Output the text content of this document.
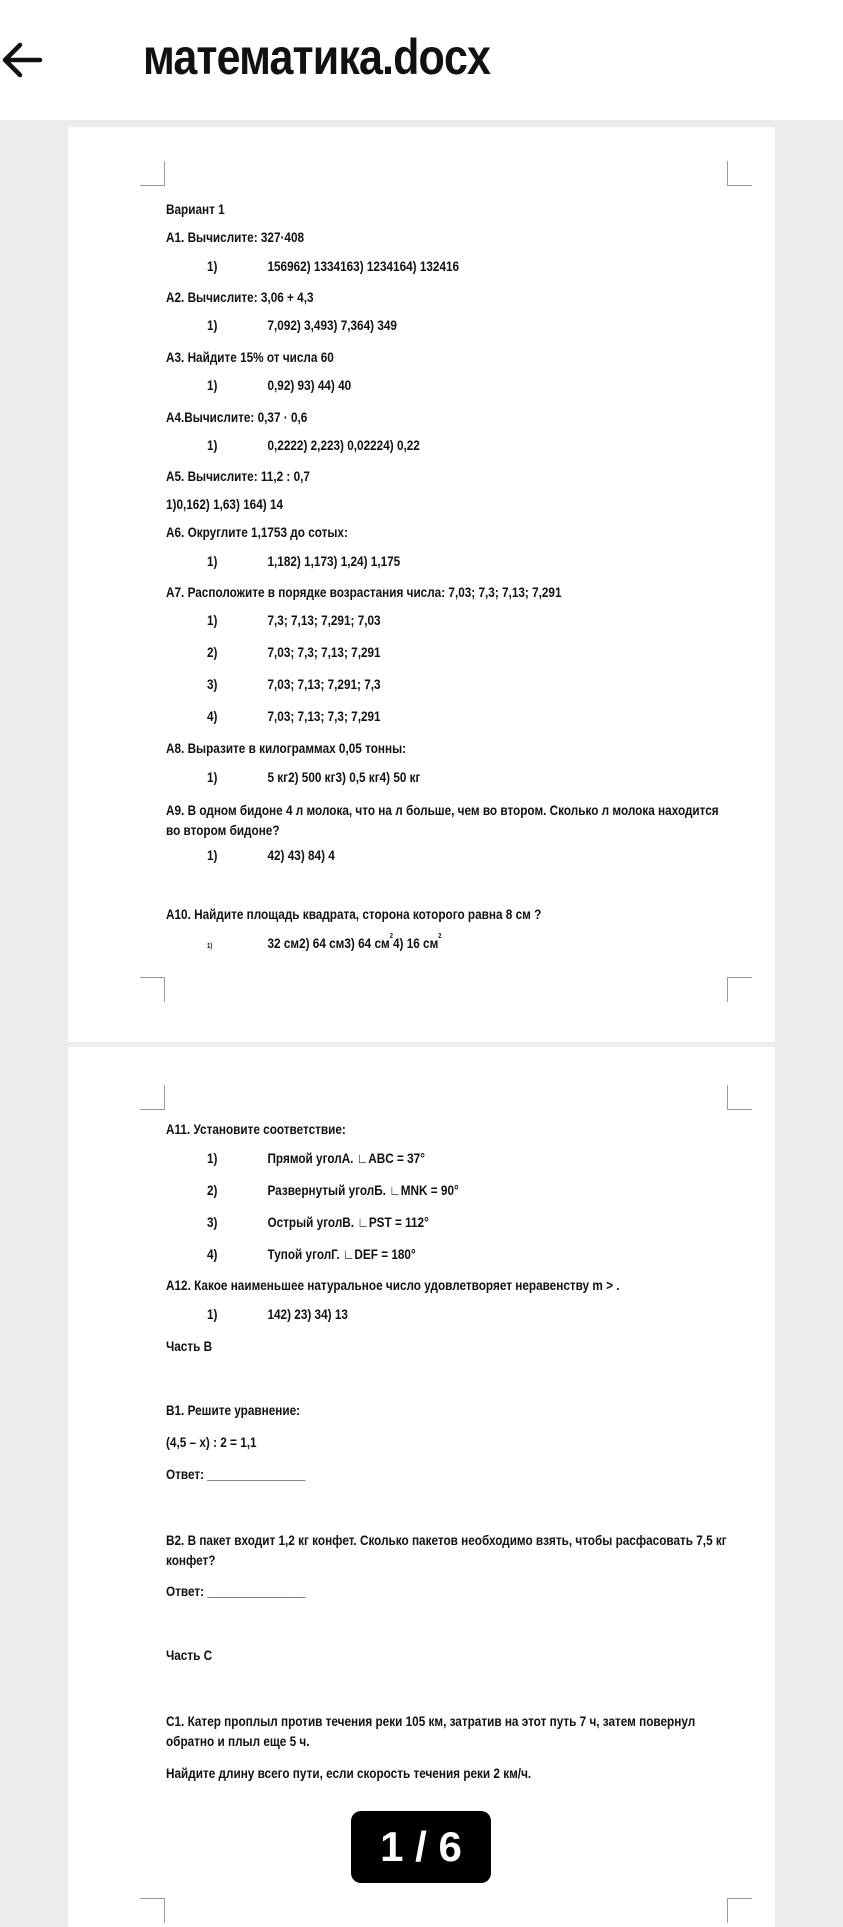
математика.docx
Вариант 1
А1. Вычислите: 327·408
1)	156962) 1334163) 1234164) 132416
А2. Вычислите: 3,06 + 4,3
1)	7,092) 3,493) 7,364) 349
А3. Найдите 15% от числа 60
1)	0,92) 93) 44) 40
А4.Вычислите: 0,37 · 0,6
1)	0,2222) 2,223) 0,02224) 0,22
А5. Вычислите: 11,2 : 0,7
1)0,162) 1,63) 164) 14
А6. Округлите 1,1753 до сотых:
1)	1,182) 1,173) 1,24) 1,175
А7. Расположите в порядке возрастания числа: 7,03; 7,3; 7,13; 7,291
1)	7,3; 7,13; 7,291; 7,03
2)	7,03; 7,3; 7,13; 7,291
3)	7,03; 7,13; 7,291; 7,3
4)	7,03; 7,13; 7,3; 7,291
А8. Выразите в килограммах 0,05 тонны:
1)	5 кг2) 500 кг3) 0,5 кг4) 50 кг
А9. В одном бидоне 4 л молока, что на л больше, чем во втором. Сколько л молока находится во втором бидоне?
1)	42) 43) 84) 4
А10. Найдите площадь квадрата, сторона которого равна 8 см ?
1)	32 см2) 64 см3) 64 $см^24$) 16 $см^2$
А11. Установите соответствие:
1)	Прямой уголА. ∟ABC = 37°
2)	Развернутый уголБ. ∟MNK = 90°
3)	Острый уголВ. ∟PST = 112°
4)	Тупой уголГ. ∟DEF = 180°
А12. Какое наименьшее натуральное число удовлетворяет неравенству m > .
1)	142) 23) 34) 13
Часть В
В1. Решите уравнение:
(4,5 – x) : 2 = 1,1
Ответ: _______________
В2. В пакет входит 1,2 кг конфет. Сколько пакетов необходимо взять, чтобы расфасовать 7,5 кг конфет?
Ответ: _______________
Часть С
С1. Катер проплыл против течения реки 105 км, затратив на этот путь 7 ч, затем повернул обратно и плыл еще 5 ч.
Найдите длину всего пути, если скорость течения реки 2 км/ч.
1 / 6
